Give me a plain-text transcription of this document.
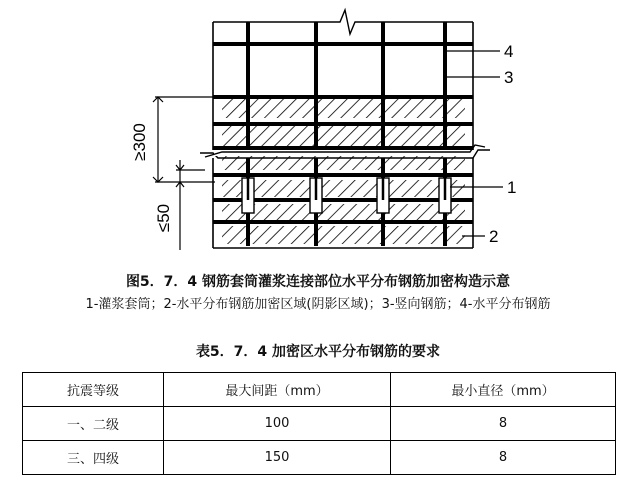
≥300
≤50
4
3
1
2
图5．7．4 钢筋套筒灌浆连接部位水平分布钢筋加密构造示意
1-灌浆套筒；2-水平分布钢筋加密区域(阴影区域)；3-竖向钢筋；4-水平分布钢筋
表5．7．4 加密区水平分布钢筋的要求
抗震等级	最大间距（mm）	最小直径（mm）
一、二级	100	8
三、四级	150	8
